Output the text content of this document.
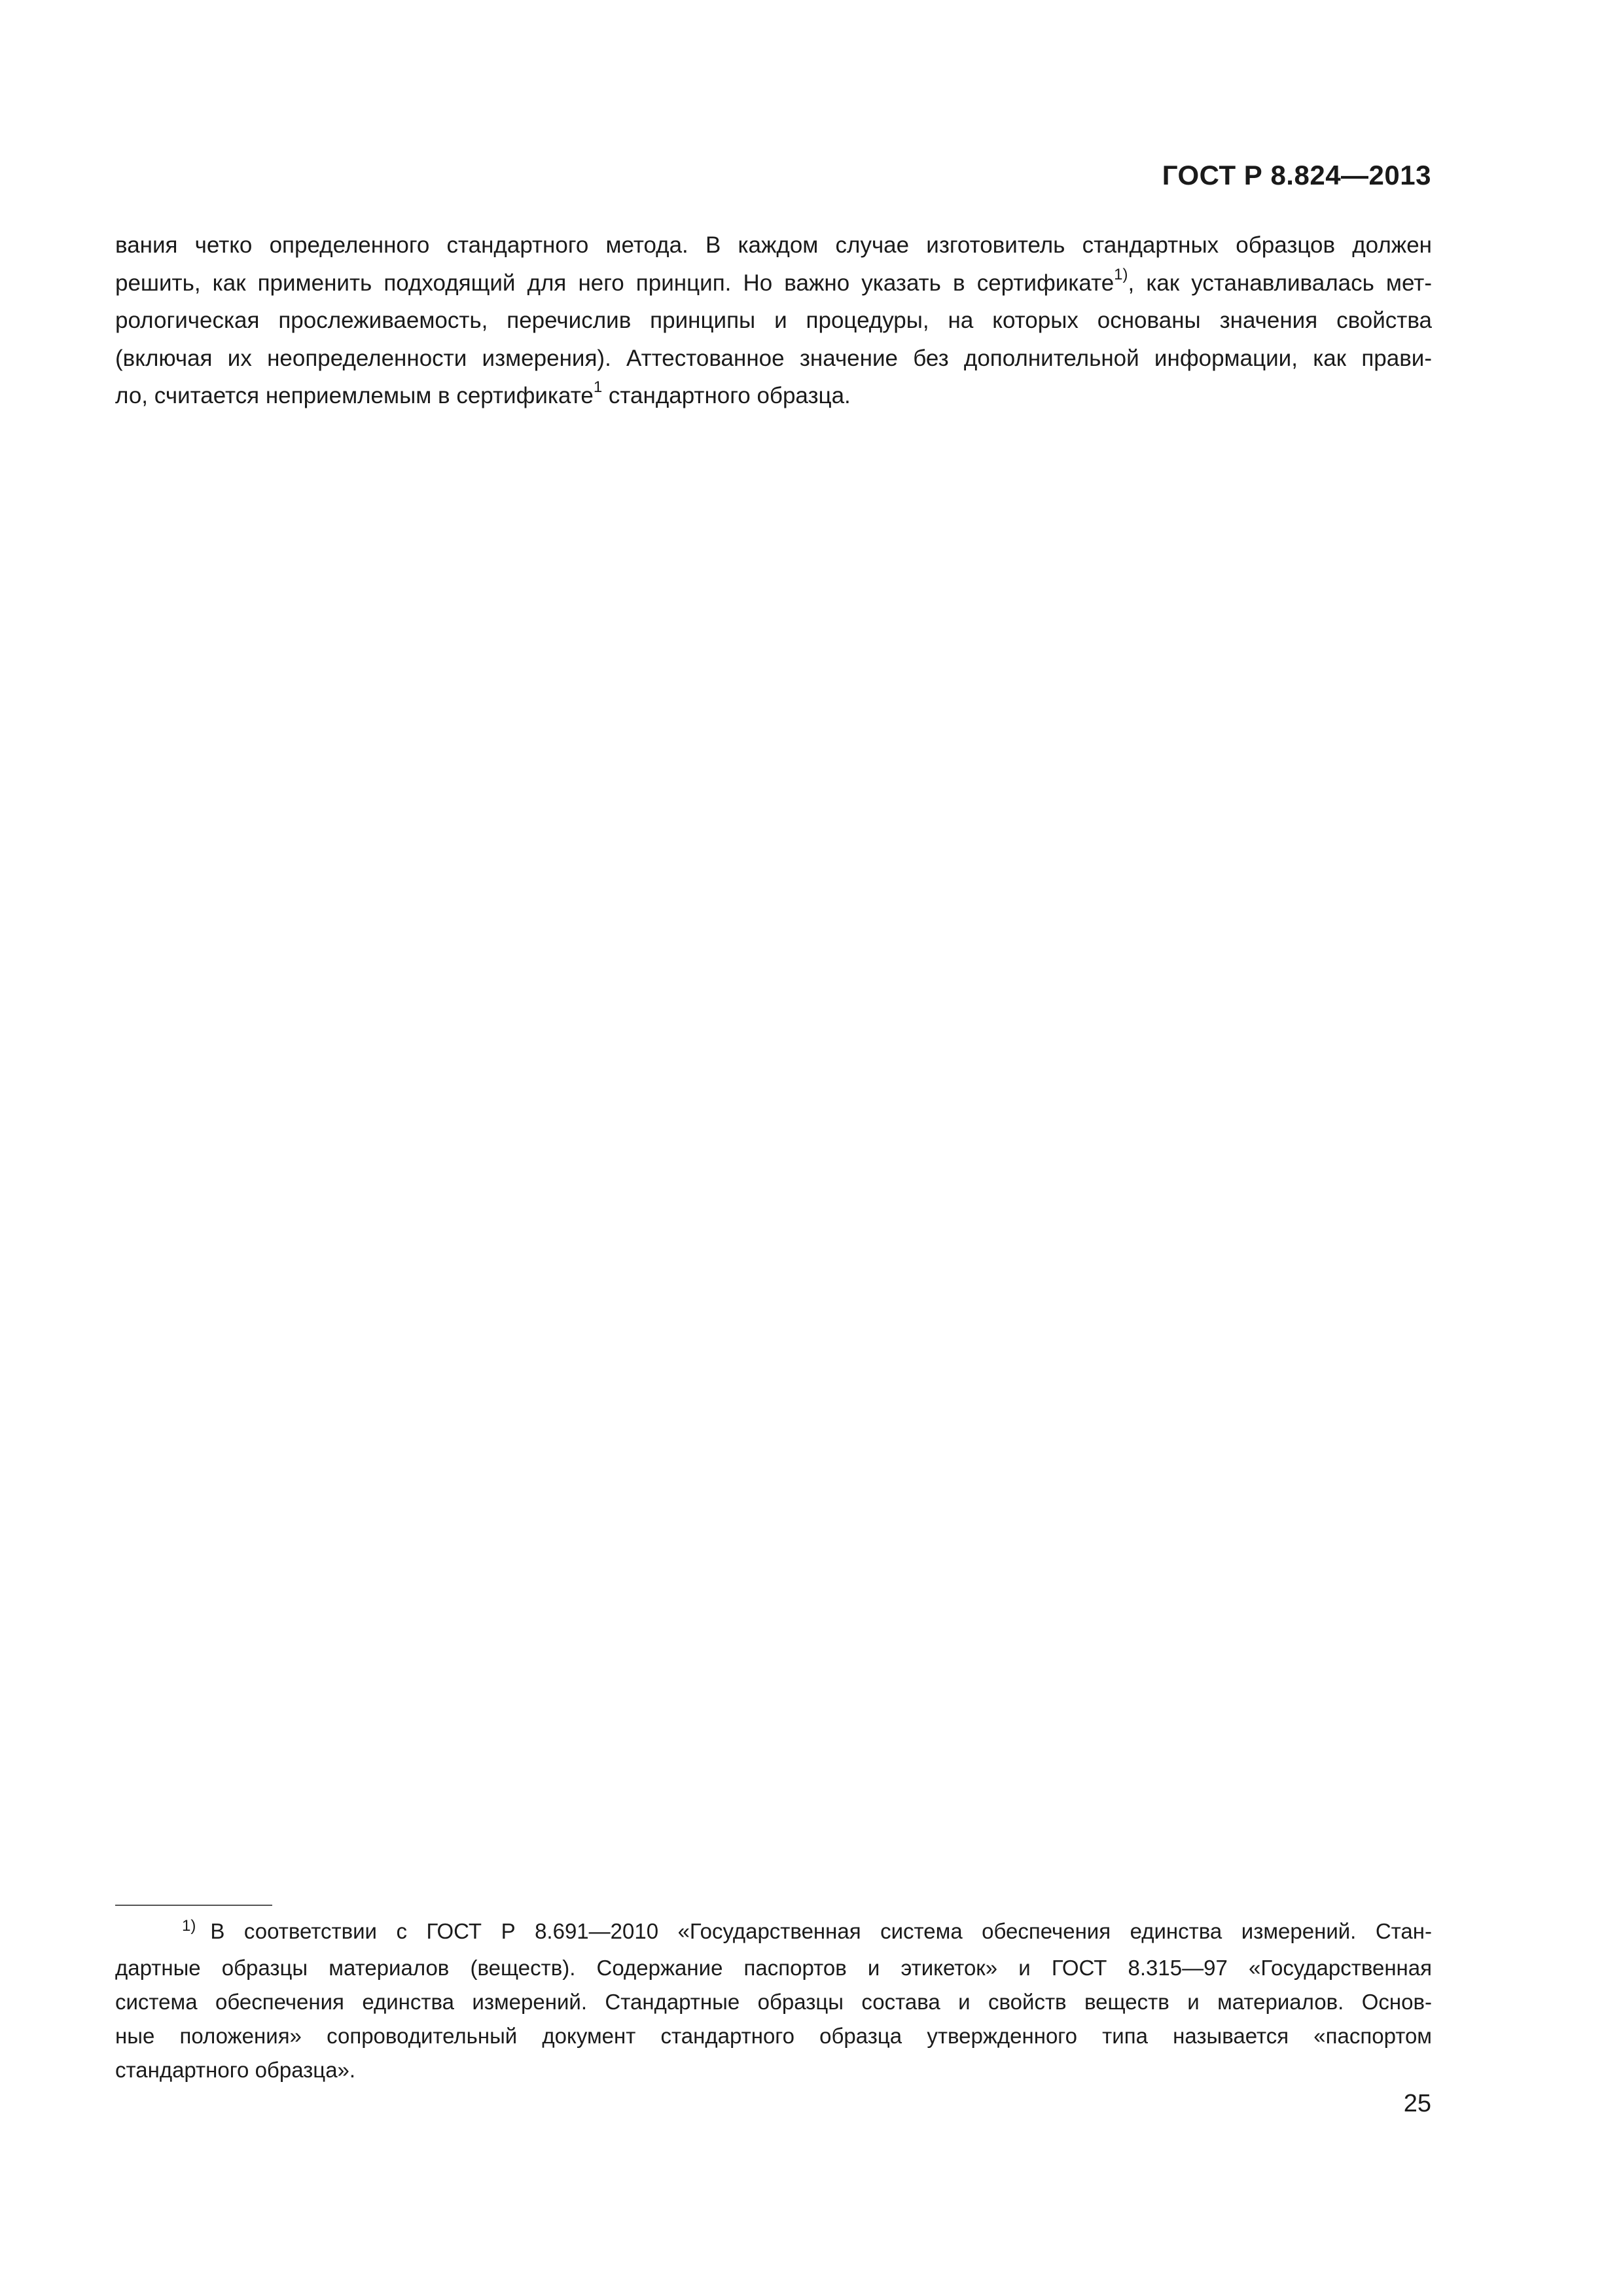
ГОСТ Р 8.824—2013
вания четко определенного стандартного метода. В каждом случае изготовитель стандартных образцов должен
решить, как применить подходящий для него принцип. Но важно указать в сертификате$^{1)}$, как устанавливалась мет-
рологическая прослеживаемость, перечислив принципы и процедуры, на которых основаны значения свойства
(включая их неопределенности измерения). Аттестованное значение без дополнительной информации, как прави-
ло, считается неприемлемым в сертификате$^1$ стандартного образца.
$^{1)}$ В соответствии с ГОСТ Р 8.691—2010 «Государственная система обеспечения единства измерений. Стан-
дартные образцы материалов (веществ). Содержание паспортов и этикеток» и ГОСТ 8.315—97 «Государственная
система обеспечения единства измерений. Стандартные образцы состава и свойств веществ и материалов. Основ-
ные положения» сопроводительный документ стандартного образца утвержденного типа называется «паспортом
стандартного образца».
25
